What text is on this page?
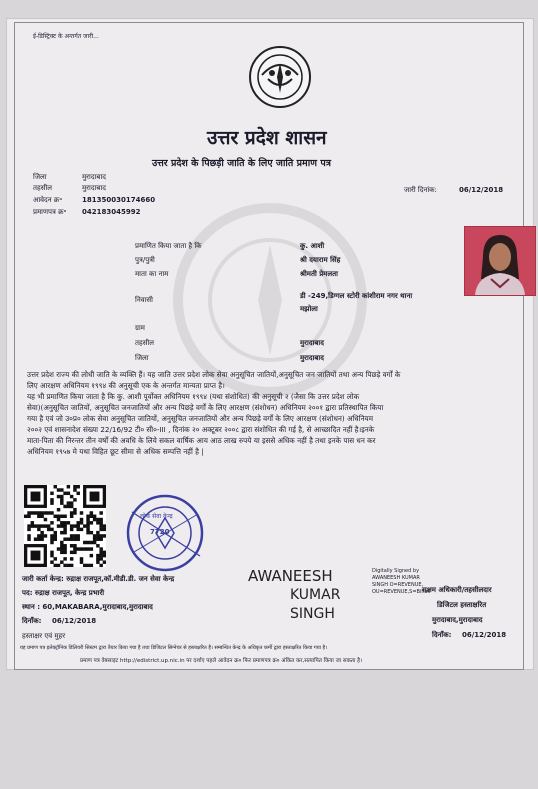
ई-डिस्ट्रिक्ट के अन्तर्गत जारी...
उत्तर प्रदेश शासन
उत्तर प्रदेश के पिछड़ी जाति के लिए जाति प्रमाण पत्र
जिला	मुरादाबाद
तहसील	मुरादाबाद
आवेदन क्र॰	181350030174660
प्रमाणपत्र क्र॰ 042183045992
जारी दिनांक:	06/12/2018
प्रमाणित किया जाता है कि	कु. आशी
पुत्र/पुत्री	श्री दयाराम सिंह
माता का नाम	श्रीमती प्रेमलता
निवासी	डी -249,डिग्गल स्टोरी कांशीराम नगर थाना
मझोला
ग्राम
तहसील	मुरादाबाद
जिला	मुरादाबाद
उत्तर प्रदेश राज्य की लोधी जाति के व्यक्ति हैं। यह जाति उत्तर प्रदेश लोक सेवा अनुसूचित जातियों,अनुसूचित जन जातियों तथा अन्य पिछड़े वर्गों के
लिए आरक्षण अधिनियम १९९४ की अनुसूची एक के अन्तर्गत मान्यता प्राप्त है।
यह भी प्रमाणित किया जाता है कि कु. आशी पूर्वोक्त अधिनियम १९९४ (यथा संशोधित) की अनुसूची २ (जैसा कि उत्तर प्रदेश लोक
सेवा)(अनुसूचित जातियों, अनुसूचित जनजातियों और अन्य पिछड़े वर्गों के लिए आरक्षण (संशोधन) अधिनियम २००१ द्वारा प्रतिस्थापित किया
गया है एवं जो उ०प्र० लोक सेवा अनुसूचित जातियों, अनुसूचित जनजातियों और अन्य पिछड़े वर्गों के लिए आरक्षण (संशोधन) अधिनियम
२००२ एवं शासनादेश संख्या 22/16/92 टी० सी०-III , दिनांक २० अक्टूबर २००८ द्वारा संशोधित की गई है, से आच्छादित नहीं है।इनके
माता-पिता की निरन्तर तीन वर्षों की अवधि के लिये सकल वार्षिक आय आठ लाख रुपये या इससे अधिक नहीं है तथा इनके पास धन कर
अधिनियम १९५७ मे यथा विहित छूट सीमा से अधिक सम्पत्ति नहीं है |
7720
लोक सेवा केन्द्र
AWANEESH
KUMAR
SINGH
Digitally Signed by
AWANEESH KUMAR
SINGH O=REVENUE,
OU=REVENUE,S=Bihar
जारी कर्ता केन्द्र: रुद्राक्ष राजपूत,कॉ.मीडी.डी. जन सेवा केन्द्र
पद: रुद्राक्ष राजपूत, केन्द्र प्रभारी
स्थान : 60,MAKABARA,मुरादाबाद,मुरादाबाद
दिनाँक: 06/12/2018
हस्ताक्षर एवं मुहर
सक्षम अधिकारी/तहसीलदार
डिजिटल हस्ताक्षरित
मुरादाबाद,मुरादाबाद
दिनाँक: 06/12/2018
यह प्रमाण पत्र इलेक्ट्रॉनिक डिलिवरी सिस्टम द्वारा तैयार किया गया है तथा डिजिटल सिग्नेचर से हस्ताक्षरित है। सम्बन्धित केन्द्र के अधिकृत कर्मी द्वारा हस्ताक्षरित किया गया है।
प्रमाण पत्र वेबसाइट http://edistrict.up.nic.in पर दर्शाए पहले आवेदन क्र० फिर प्रमाणपत्र क्र० अंकित कर,सत्यापित किया जा सकता है।
